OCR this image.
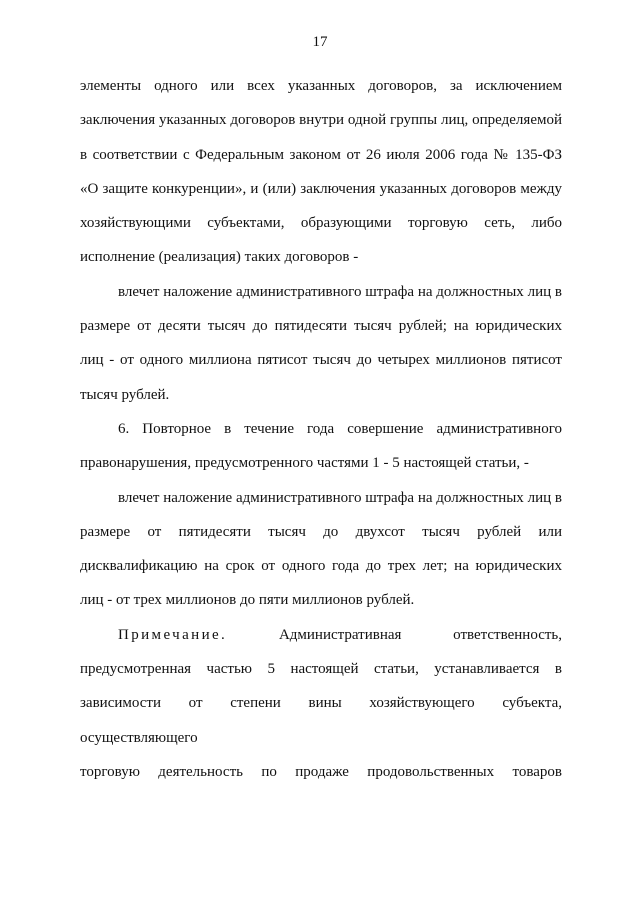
17
элементы одного или всех указанных договоров, за исключением
заключения указанных договоров внутри одной группы лиц, определяемой
в соответствии с Федеральным законом от 26 июля 2006 года № 135-ФЗ
«О защите конкуренции», и (или) заключения указанных договоров между
хозяйствующими субъектами, образующими торговую сеть, либо
исполнение (реализация) таких договоров -
влечет наложение административного штрафа на должностных лиц в
размере от десяти тысяч до пятидесяти тысяч рублей; на юридических
лиц - от одного миллиона пятисот тысяч до четырех миллионов пятисот
тысяч рублей.
6. Повторное в течение года совершение административного
правонарушения, предусмотренного частями 1 - 5 настоящей статьи, -
влечет наложение административного штрафа на должностных лиц в
размере от пятидесяти тысяч до двухсот тысяч рублей или
дисквалификацию на срок от одного года до трех лет; на юридических
лиц - от трех миллионов до пяти миллионов рублей.
Примечание.	Административная ответственность,
предусмотренная частью 5 настоящей статьи, устанавливается в
зависимости от степени вины хозяйствующего субъекта, осуществляющего
торговую деятельность по продаже продовольственных товаров
